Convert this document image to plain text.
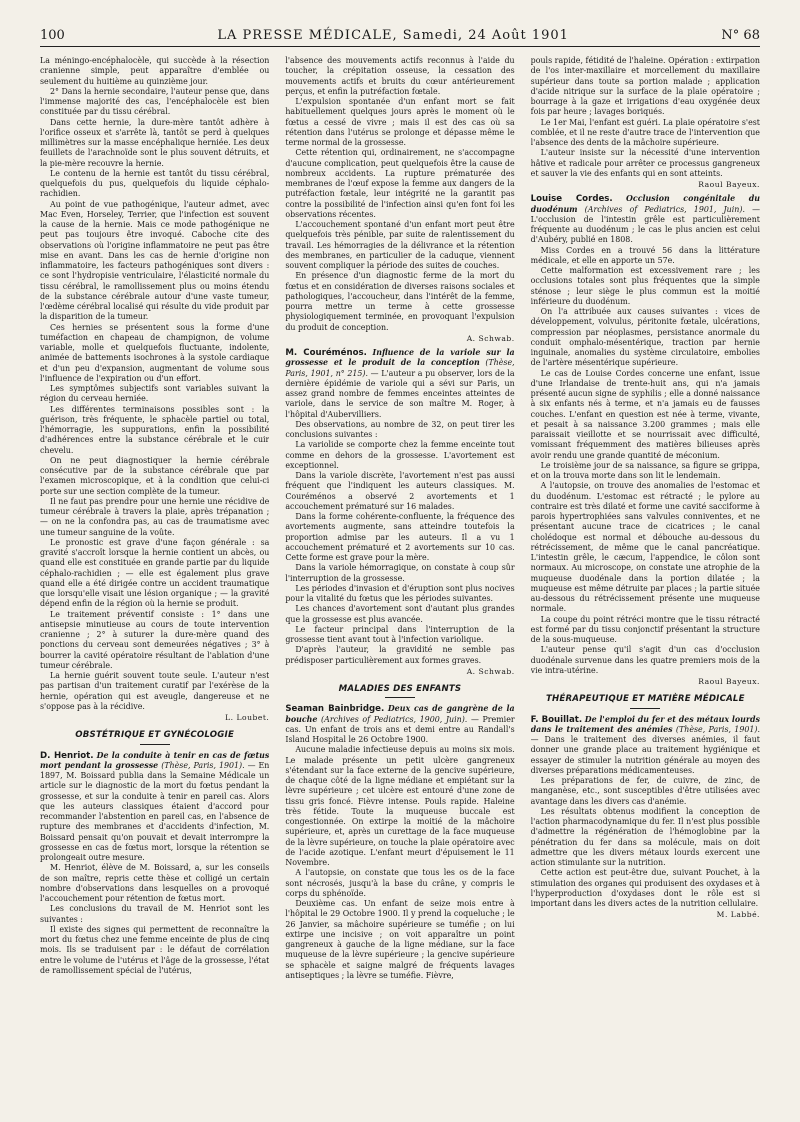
100	LA PRESSE MÉDICALE, Samedi, 24 Août 1901	N° 68

La méningo-encéphalocèle, qui succède à la résection cranienne simple, peut apparaître d'emblée ou seulement du huitième au quinzième jour.

2° Dans la hernie secondaire, l'auteur pense que, dans l'immense majorité des cas, l'encéphalocèle est bien constituée par du tissu cérébral.

Dans cette hernie, la dure-mère tantôt adhère à l'orifice osseux et s'arrête là, tantôt se perd à quelques millimètres sur la masse encéphalique herniée. Les deux feuillets de l'arachnoïde sont le plus souvent détruits, et la pie-mère recouvre la hernie.

Le contenu de la hernie est tantôt du tissu cérébral, quelquefois du pus, quelquefois du liquide céphalo-rachidien.

Au point de vue pathogénique, l'auteur admet, avec Mac Even, Horseley, Terrier, que l'infection est souvent la cause de la hernie. Mais ce mode pathogénique ne peut pas toujours être invoqué. Caboche cite des observations où l'origine inflammatoire ne peut pas être mise en avant. Dans les cas de hernie d'origine non inflammatoire, les facteurs pathogéniques sont divers : ce sont l'hydropisie ventriculaire, l'élasticité normale du tissu cérébral, le ramollissement plus ou moins étendu de la substance cérébrale autour d'une vaste tumeur, l'œdème cérébral localisé qui résulte du vide produit par la disparition de la tumeur.

Ces hernies se présentent sous la forme d'une tuméfaction en chapeau de champignon, de volume variable, molle et quelquefois fluctuante, indolente, animée de battements isochrones à la systole cardiaque et d'un peu d'expansion, augmentant de volume sous l'influence de l'expiration ou d'un effort.

Les symptômes subjectifs sont variables suivant la région du cerveau herniée.

Les différentes terminaisons possibles sont : la guérison, très fréquente, le sphacèle partiel ou total, l'hémorragie, les suppurations, enfin la possibilité d'adhérences entre la substance cérébrale et le cuir chevelu.

On ne peut diagnostiquer la hernie cérébrale consécutive par de la substance cérébrale que par l'examen microscopique, et à la condition que celui-ci porte sur une section complète de la tumeur.

Il ne faut pas prendre pour une hernie une récidive de tumeur cérébrale à travers la plaie, après trépanation ; — on ne la confondra pas, au cas de traumatisme avec une tumeur sanguine de la voûte.

Le pronostic est grave d'une façon générale : sa gravité s'accroît lorsque la hernie contient un abcès, ou quand elle est constituée en grande partie par du liquide céphalo-rachidien ; — elle est également plus grave quand elle a été dirigée contre un accident traumatique que lorsqu'elle visait une lésion organique ; — la gravité dépend enfin de la région où la hernie se produit.

Le traitement préventif consiste : 1° dans une antisepsie minutieuse au cours de toute intervention cranienne ; 2° à suturer la dure-mère quand des ponctions du cerveau sont demeurées négatives ; 3° à bourrer la cavité opératoire résultant de l'ablation d'une tumeur cérébrale.

La hernie guérit souvent toute seule. L'auteur n'est pas partisan d'un traitement curatif par l'exérèse de la hernie, opération qui est aveugle, dangereuse et ne s'oppose pas à la récidive.

L. Loubet.
OBSTÉTRIQUE ET GYNÉCOLOGIE

D. Henriot. De la conduite à tenir en cas de fœtus mort pendant la grossesse (Thèse, Paris, 1901). — En 1897, M. Boissard publia dans la Semaine Médicale un article sur le diagnostic de la mort du fœtus pendant la grossesse, et sur la conduite à tenir en pareil cas. Alors que les auteurs classiques étaient d'accord pour recommander l'abstention en pareil cas, en l'absence de rupture des membranes et d'accidents d'infection, M. Boissard pensait qu'on pouvait et devait interrompre la grossesse en cas de fœtus mort, lorsque la rétention se prolongeait outre mesure.

M. Henriot, élève de M. Boissard, a, sur les conseils de son maître, repris cette thèse et colligé un certain nombre d'observations dans lesquelles on a provoqué l'accouchement pour rétention de fœtus mort.

Les conclusions du travail de M. Henriot sont les suivantes :

Il existe des signes qui permettent de reconnaître la mort du fœtus chez une femme enceinte de plus de cinq mois. Ils se traduisent par : le défaut de corrélation entre le volume de l'utérus et l'âge de la grossesse, l'état de ramollissement spécial de l'utérus,

l'absence des mouvements actifs reconnus à l'aide du toucher, la crépitation osseuse, la cessation des mouvements actifs et bruits du cœur antérieurement perçus, et enfin la putréfaction fœtale.

L'expulsion spontanée d'un enfant mort se fait habituellement quelques jours après le moment où le fœtus a cessé de vivre ; mais il est des cas où sa rétention dans l'utérus se prolonge et dépasse même le terme normal de la grossesse.

Cette rétention qui, ordinairement, ne s'accompagne d'aucune complication, peut quelquefois être la cause de nombreux accidents. La rupture prématurée des membranes de l'œuf expose la femme aux dangers de la putréfaction fœtale, leur intégrité ne la garantit pas contre la possibilité de l'infection ainsi qu'en font foi les observations récentes.

L'accouchement spontané d'un enfant mort peut être quelquefois très pénible, par suite de ralentissement du travail. Les hémorragies de la délivrance et la rétention des membranes, en particulier de la caduque, viennent souvent compliquer la période des suites de couches.

En présence d'un diagnostic ferme de la mort du fœtus et en considération de diverses raisons sociales et pathologiques, l'accoucheur, dans l'intérêt de la femme, pourra mettre un terme à cette grossesse physiologiquement terminée, en provoquant l'expulsion du produit de conception.

A. Schwab.

M. Couréménos. Influence de la variole sur la grossesse et le produit de la conception (Thèse, Paris, 1901, n° 215). — L'auteur a pu observer, lors de la dernière épidémie de variole qui a sévi sur Paris, un assez grand nombre de femmes enceintes atteintes de variole, dans le service de son maître M. Roger, à l'hôpital d'Aubervilliers.

Des observations, au nombre de 32, on peut tirer les conclusions suivantes :

La variolide se comporte chez la femme enceinte tout comme en dehors de la grossesse. L'avortement est exceptionnel.

Dans la variole discrète, l'avortement n'est pas aussi fréquent que l'indiquent les auteurs classiques. M. Couréménos a observé 2 avortements et 1 accouchement prématuré sur 16 malades.

Dans la forme cohérente-confluente, la fréquence des avortements augmente, sans atteindre toutefois la proportion admise par les auteurs. Il a vu 1 accouchement prématuré et 2 avortements sur 10 cas. Cette forme est grave pour la mère.

Dans la variole hémorragique, on constate à coup sûr l'interruption de la grossesse.

Les périodes d'invasion et d'éruption sont plus nocives pour la vitalité du fœtus que les périodes suivantes.

Les chances d'avortement sont d'autant plus grandes que la grossesse est plus avancée.

Le facteur principal dans l'interruption de la grossesse tient avant tout à l'infection variolique.

D'après l'auteur, la gravidité ne semble pas prédisposer particulièrement aux formes graves.

A. Schwab.
MALADIES DES ENFANTS

Seaman Bainbridge. Deux cas de gangrène de la bouche (Archives of Pediatrics, 1900, Juin). — Premier cas. Un enfant de trois ans et demi entre au Randall's Island Hospital le 26 Octobre 1900.

Aucune maladie infectieuse depuis au moins six mois. Le malade présente un petit ulcère gangreneux s'étendant sur la face externe de la gencive supérieure, de chaque côté de la ligne médiane et empiétant sur la lèvre supérieure ; cet ulcère est entouré d'une zone de tissu gris foncé. Fièvre intense. Pouls rapide. Haleine très fétide. Toute la muqueuse buccale est congestionnée. On extirpe la moitié de la mâchoire supérieure, et, après un curettage de la face muqueuse de la lèvre supérieure, on touche la plaie opératoire avec de l'acide azotique. L'enfant meurt d'épuisement le 11 Novembre.

A l'autopsie, on constate que tous les os de la face sont nécrosés, jusqu'à la base du crâne, y compris le corps du sphénoïde.

Deuxième cas. Un enfant de seize mois entre à l'hôpital le 29 Octobre 1900. Il y prend la coqueluche ; le 26 Janvier, sa mâchoire supérieure se tuméfie ; on lui extirpe une incisive ; on voit apparaître un point gangreneux à gauche de la ligne médiane, sur la face muqueuse de la lèvre supérieure ; la gencive supérieure se sphacèle et saigne malgré de fréquents lavages antiseptiques ; la lèvre se tuméfie. Fièvre,

pouls rapide, fétidité de l'haleine. Opération : extirpation de l'os inter-maxillaire et morcellement du maxillaire supérieur dans toute sa portion malade ; application d'acide nitrique sur la surface de la plaie opératoire ; bourrage à la gaze et irrigations d'eau oxygénée deux fois par heure ; lavages boriqués.

Le 1er Mai, l'enfant est guéri. La plaie opératoire s'est comblée, et il ne reste d'autre trace de l'intervention que l'absence des dents de la mâchoire supérieure.

L'auteur insiste sur la nécessité d'une intervention hâtive et radicale pour arrêter ce processus gangreneux et sauver la vie des enfants qui en sont atteints.

Raoul Bayeux.

Louise Cordes. Occlusion congénitale du duodénum (Archives of Pediatrics, 1901, Juin). — L'occlusion de l'intestin grêle est particulièrement fréquente au duodénum ; le cas le plus ancien est celui d'Aubéry, publié en 1808.

Miss Cordes en a trouvé 56 dans la littérature médicale, et elle en apporte un 57e.

Cette malformation est excessivement rare ; les occlusions totales sont plus fréquentes que la simple sténose ; leur siège le plus commun est la moitié inférieure du duodénum.

On l'a attribuée aux causes suivantes : vices de développement, volvulus, péritonite fœtale, ulcérations, compression par néoplasmes, persistance anormale du conduit omphalo-mésentérique, traction par hernie inguinale, anomalies du système circulatoire, embolies de l'artère mésentérique supérieure.

Le cas de Louise Cordes concerne une enfant, issue d'une Irlandaise de trente-huit ans, qui n'a jamais présenté aucun signe de syphilis ; elle a donné naissance à six enfants nés à terme, et n'a jamais eu de fausses couches. L'enfant en question est née à terme, vivante, et pesait à sa naissance 3.200 grammes ; mais elle paraissait vieillotte et se nourrissait avec difficulté, vomissant fréquemment des matières bilieuses après avoir rendu une grande quantité de méconium.

Le troisième jour de sa naissance, sa figure se grippa, et on la trouva morte dans son lit le lendemain.

A l'autopsie, on trouve des anomalies de l'estomac et du duodénum. L'estomac est rétracté ; le pylore au contraire est très dilaté et forme une cavité sacciforme à parois hypertrophiées sans valvules conniventes, et ne présentant aucune trace de cicatrices ; le canal cholédoque est normal et débouche au-dessous du rétrécissement, de même que le canal pancréatique. L'intestin grêle, le cæcum, l'appendice, le côlon sont normaux. Au microscope, on constate une atrophie de la muqueuse duodénale dans la portion dilatée ; la muqueuse est même détruite par places ; la partie située au-dessous du rétrécissement présente une muqueuse normale.

La coupe du point rétréci montre que le tissu rétracté est formé par du tissu conjonctif présentant la structure de la sous-muqueuse.

L'auteur pense qu'il s'agit d'un cas d'occlusion duodénale survenue dans les quatre premiers mois de la vie intra-utérine.

Raoul Bayeux.
THÉRAPEUTIQUE ET MATIÈRE MÉDICALE

F. Bouillat. De l'emploi du fer et des métaux lourds dans le traitement des anémies (Thèse, Paris, 1901). — Dans le traitement des diverses anémies, il faut donner une grande place au traitement hygiénique et essayer de stimuler la nutrition générale au moyen des diverses préparations médicamenteuses.

Les préparations de fer, de cuivre, de zinc, de manganèse, etc., sont susceptibles d'être utilisées avec avantage dans les divers cas d'anémie.

Les résultats obtenus modifient la conception de l'action pharmacodynamique du fer. Il n'est plus possible d'admettre la régénération de l'hémoglobine par la pénétration du fer dans sa molécule, mais on doit admettre que les divers métaux lourds exercent une action stimulante sur la nutrition.

Cette action est peut-être due, suivant Pouchet, à la stimulation des organes qui produisent des oxydases et à l'hyperproduction d'oxydases dont le rôle est si important dans les divers actes de la nutrition cellulaire.

M. Labbé.
